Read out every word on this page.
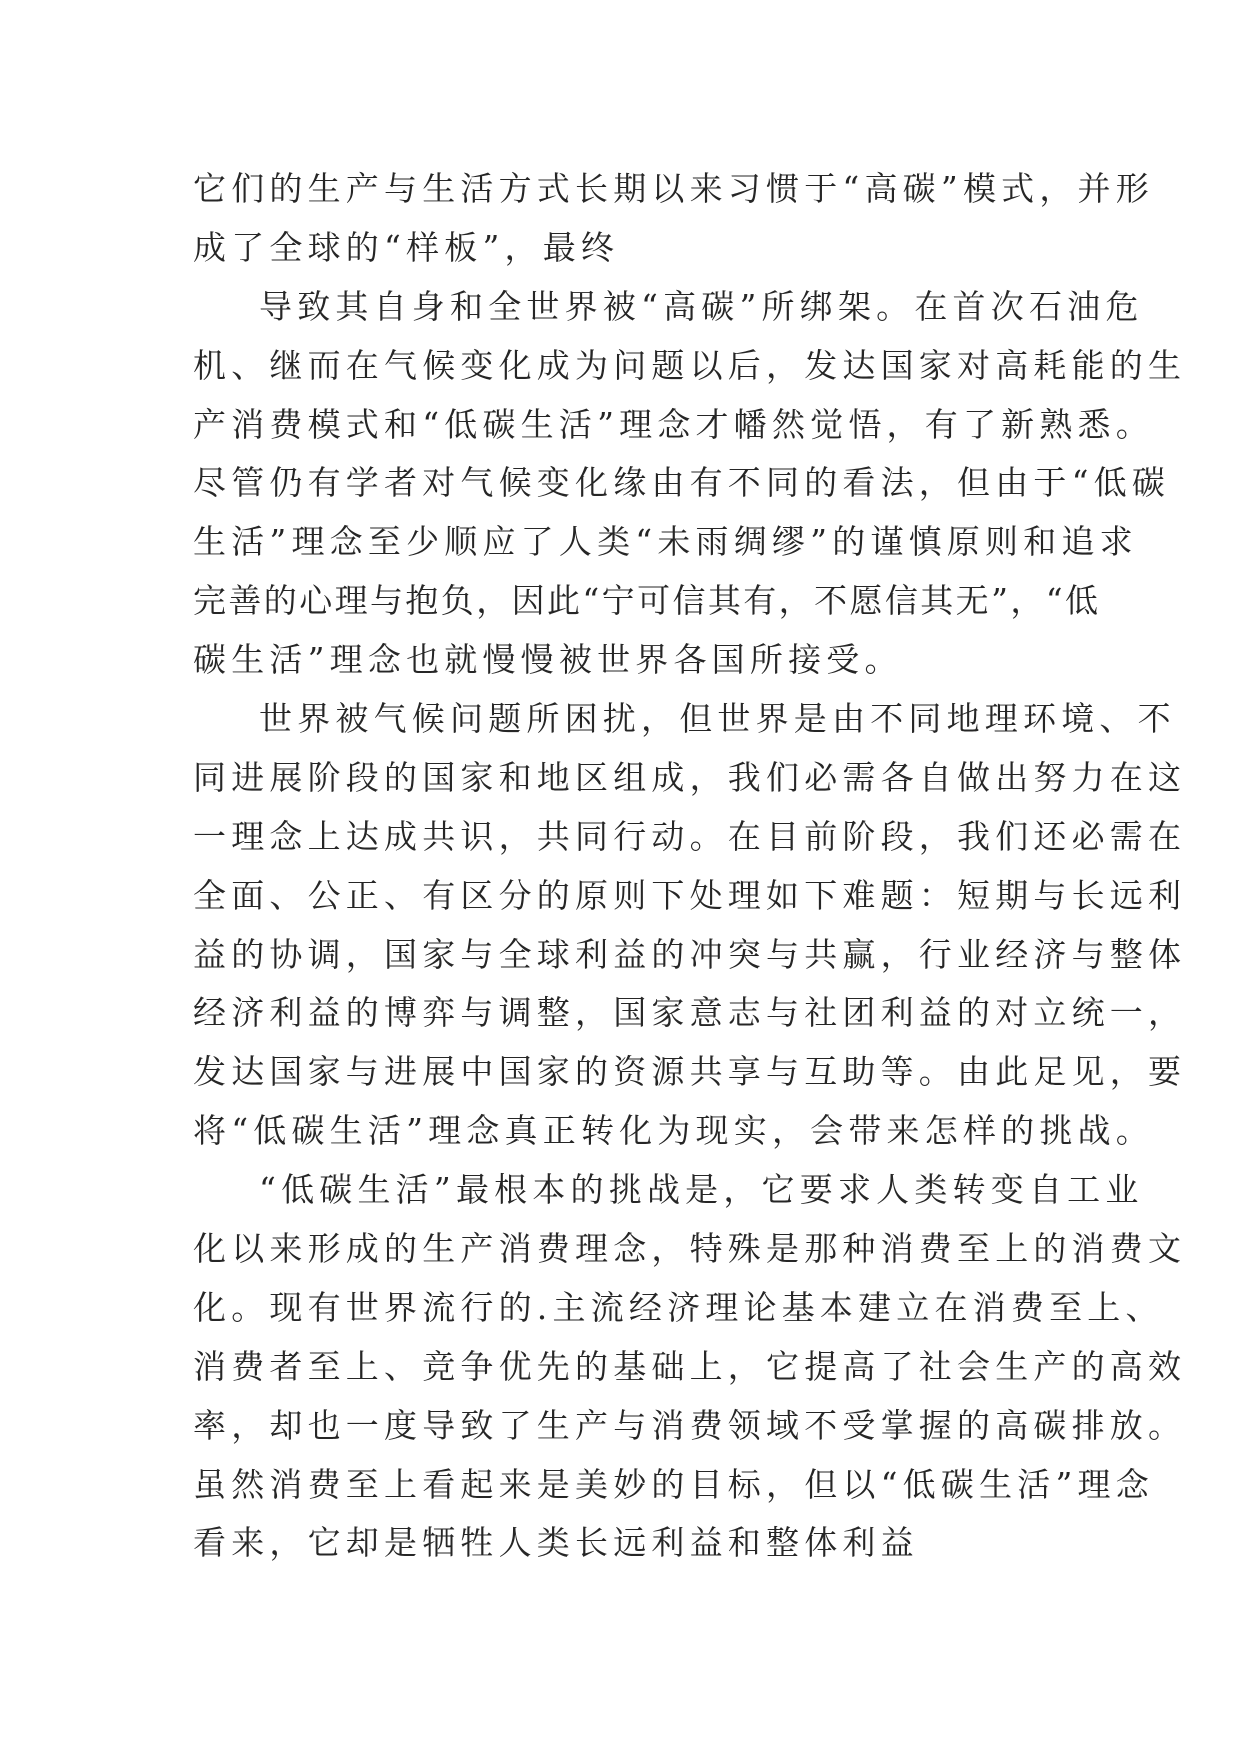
它们的生产与生活方式长期以来习惯于“高碳”模式，并形
成了全球的“样板”，最终
导致其自身和全世界被“高碳”所绑架。在首次石油危
机、继而在气候变化成为问题以后，发达国家对高耗能的生
产消费模式和“低碳生活”理念才幡然觉悟，有了新熟悉。
尽管仍有学者对气候变化缘由有不同的看法，但由于“低碳
生活”理念至少顺应了人类“未雨绸缪”的谨慎原则和追求
完善的心理与抱负，因此“宁可信其有，不愿信其无”，“低
碳生活”理念也就慢慢被世界各国所接受。
世界被气候问题所困扰，但世界是由不同地理环境、不
同进展阶段的国家和地区组成，我们必需各自做出努力在这
一理念上达成共识，共同行动。在目前阶段，我们还必需在
全面、公正、有区分的原则下处理如下难题：短期与长远利
益的协调，国家与全球利益的冲突与共赢，行业经济与整体
经济利益的博弈与调整，国家意志与社团利益的对立统一，
发达国家与进展中国家的资源共享与互助等。由此足见，要
将“低碳生活”理念真正转化为现实，会带来怎样的挑战。
“低碳生活”最根本的挑战是，它要求人类转变自工业
化以来形成的生产消费理念，特殊是那种消费至上的消费文
化。现有世界流行的.主流经济理论基本建立在消费至上、
消费者至上、竞争优先的基础上，它提高了社会生产的高效
率，却也一度导致了生产与消费领域不受掌握的高碳排放。
虽然消费至上看起来是美妙的目标，但以“低碳生活”理念
看来，它却是牺牲人类长远利益和整体利益
